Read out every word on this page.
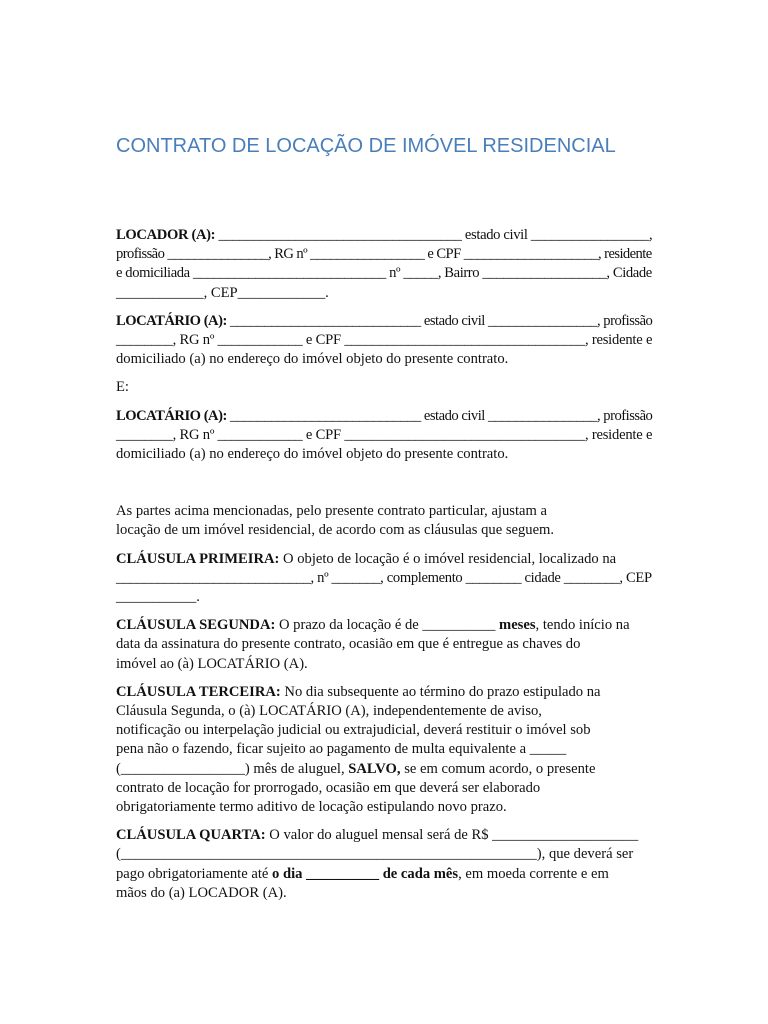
CONTRATO DE LOCAÇÃO DE IMÓVEL RESIDENCIAL

LOCADOR (A): ___________________________________ estado civil _________________,
profissão _______________, RG nº _________________ e CPF ____________________, residente
e domiciliada ____________________________ nº _____, Bairro __________________, Cidade
____________, CEP____________.

LOCATÁRIO (A): ____________________________ estado civil ________________, profissão
________, RG nº ____________ e CPF __________________________________, residente e
domiciliado (a) no endereço do imóvel objeto do presente contrato.

E:

LOCATÁRIO (A): ____________________________ estado civil ________________, profissão
________, RG nº ____________ e CPF __________________________________, residente e
domiciliado (a) no endereço do imóvel objeto do presente contrato.

As partes acima mencionadas, pelo presente contrato particular, ajustam a
locação de um imóvel residencial, de acordo com as cláusulas que seguem.

CLÁUSULA PRIMEIRA: O objeto de locação é o imóvel residencial, localizado na
____________________________, nº _______, complemento ________ cidade ________, CEP
___________.

CLÁUSULA SEGUNDA: O prazo da locação é de __________ meses, tendo início na
data da assinatura do presente contrato, ocasião em que é entregue as chaves do
imóvel ao (à) LOCATÁRIO (A).

CLÁUSULA TERCEIRA: No dia subsequente ao término do prazo estipulado na
Cláusula Segunda, o (à) LOCATÁRIO (A), independentemente de aviso,
notificação ou interpelação judicial ou extrajudicial, deverá restituir o imóvel sob
pena não o fazendo, ficar sujeito ao pagamento de multa equivalente a _____
(_________________) mês de aluguel, SALVO, se em comum acordo, o presente
contrato de locação for prorrogado, ocasião em que deverá ser elaborado
obrigatoriamente termo aditivo de locação estipulando novo prazo.

CLÁUSULA QUARTA: O valor do aluguel mensal será de R$ ____________________
(_________________________________________________________), que deverá ser
pago obrigatoriamente até o dia __________ de cada mês, em moeda corrente e em
mãos do (a) LOCADOR (A).
